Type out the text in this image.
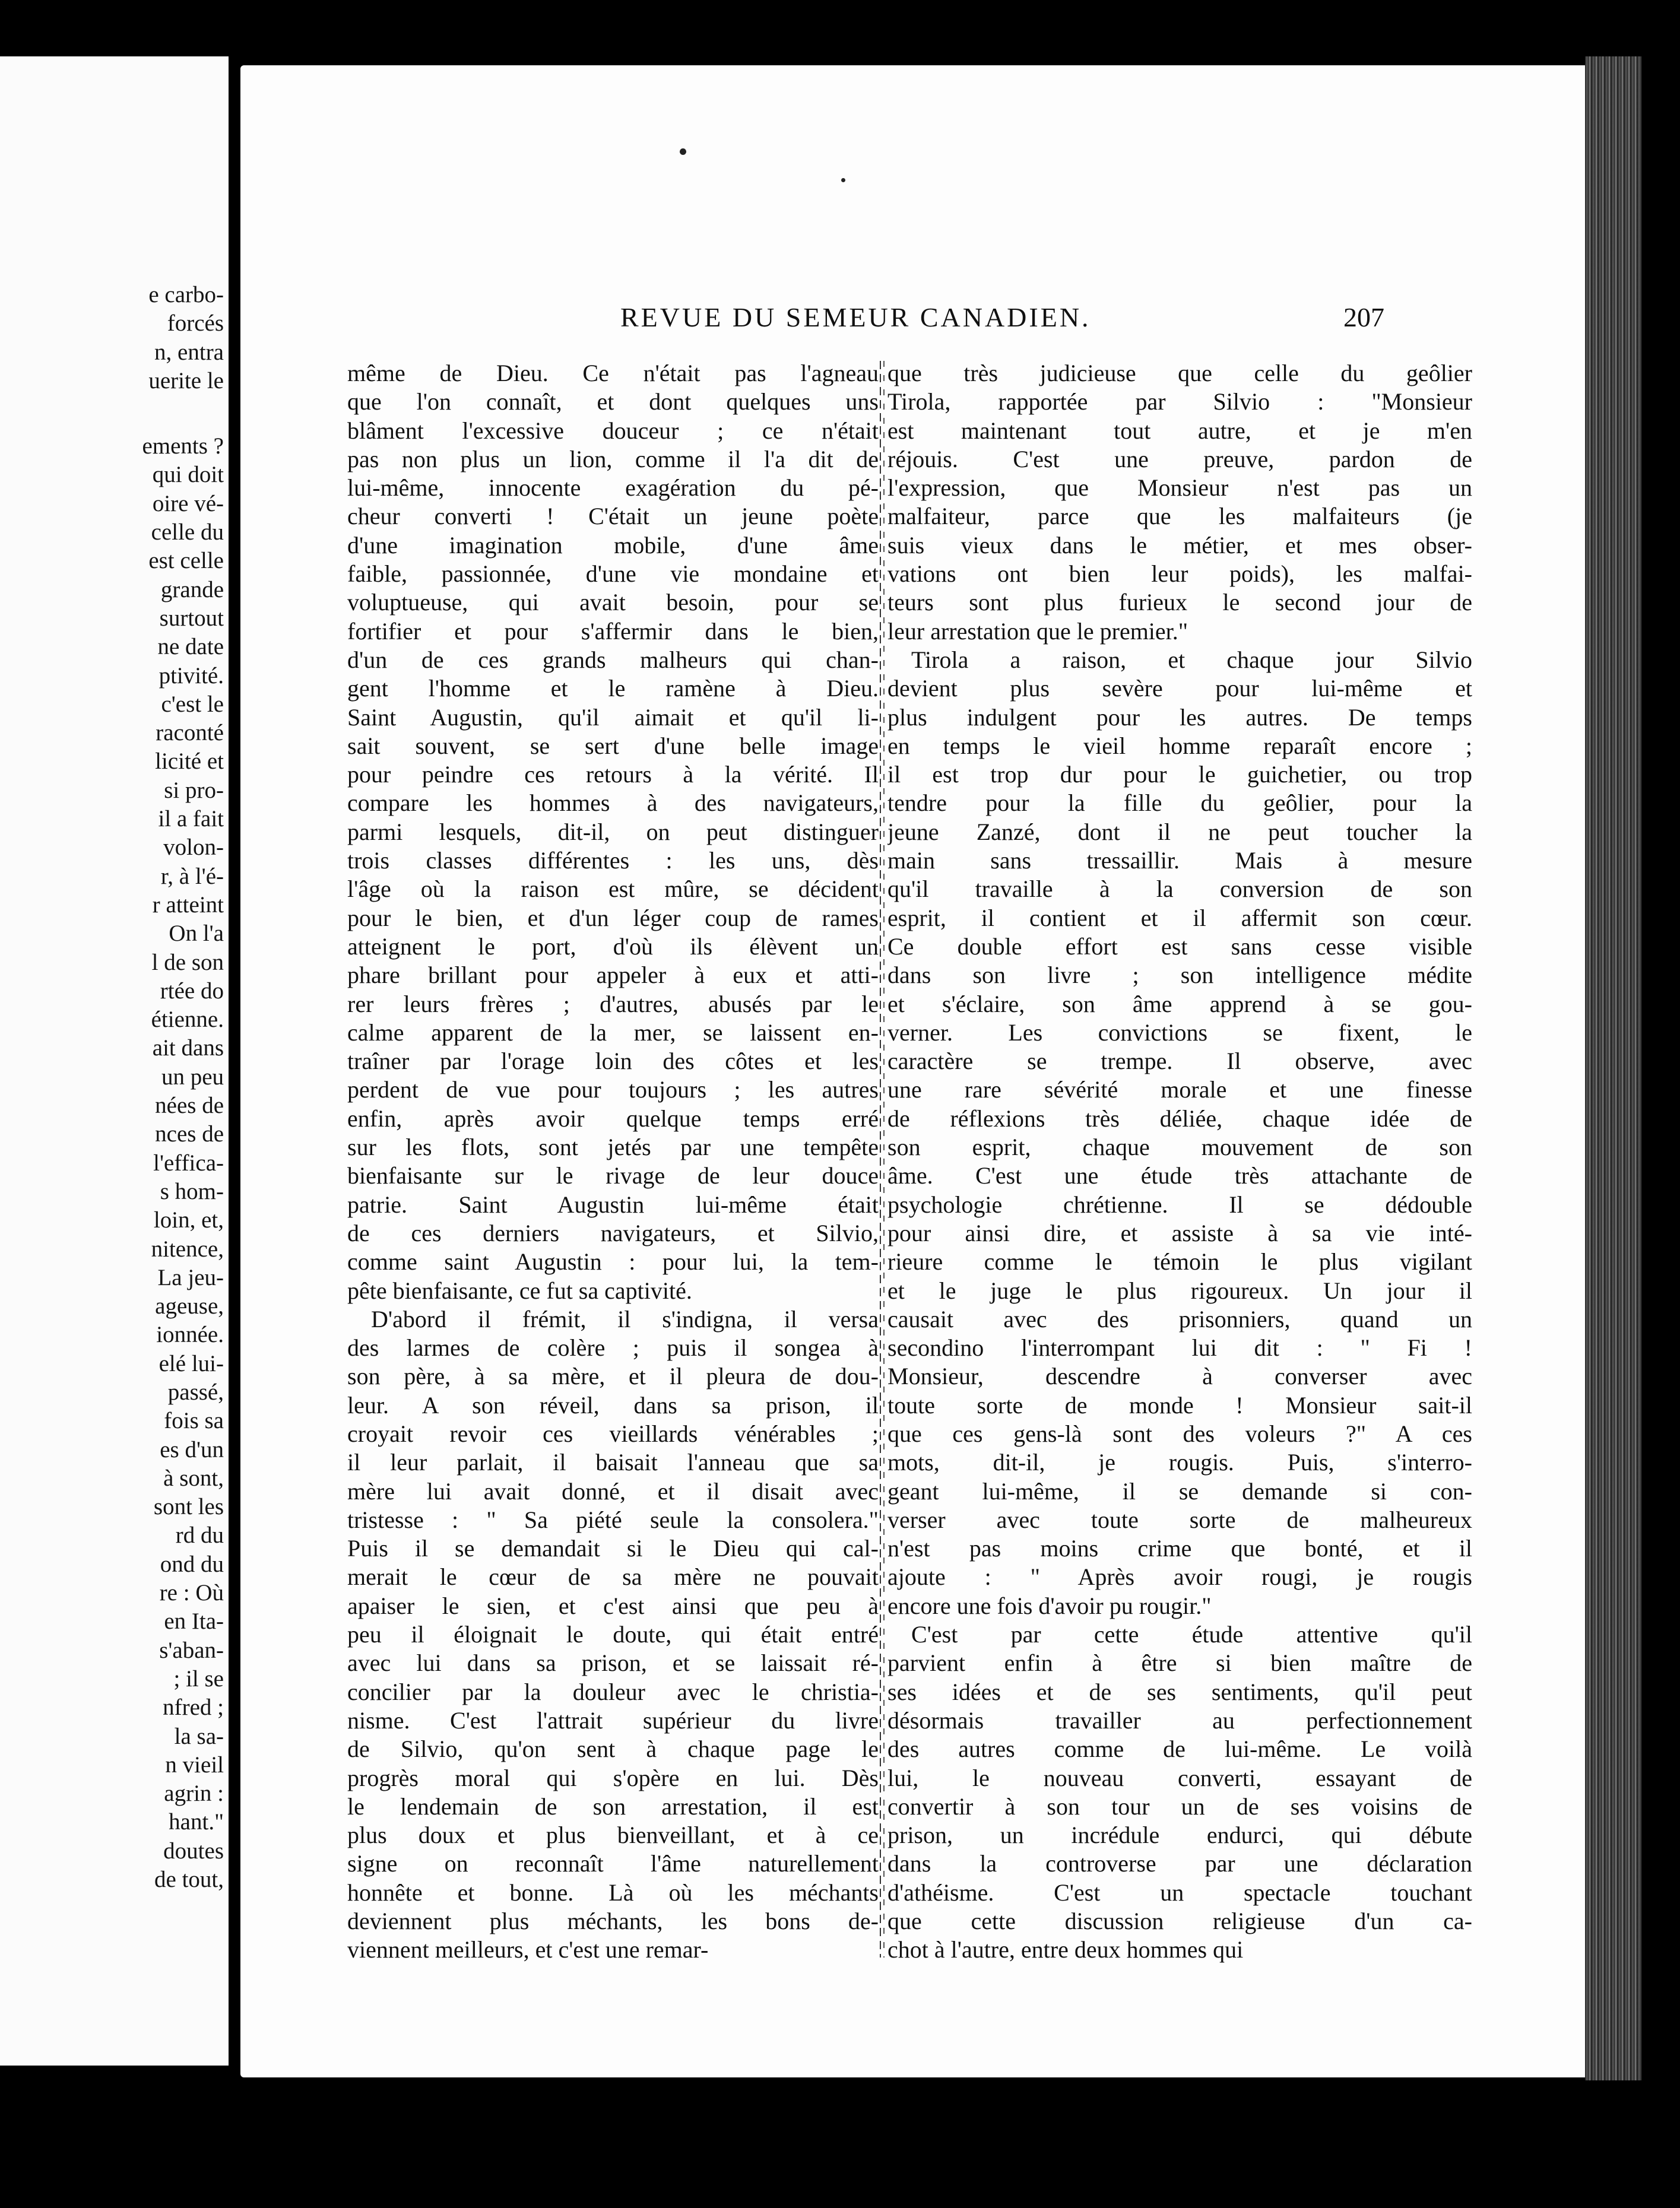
e carbo-
forcés
n, entra
uerite le
ements ?
qui doit
oire vé-
celle du
est celle
grande
surtout
ne date
ptivité.
c'est le
raconté
licité et
si pro-
il a fait
volon-
r, à l'é-
r atteint
On l'a
l de son
rtée do
étienne.
ait dans
un peu
nées de
nces de
l'effica-
s hom-
loin, et,
nitence,
La jeu-
ageuse,
ionnée.
elé lui-
passé,
fois sa
es d'un
à sont,
sont les
rd du
ond du
re : Où
en Ita-
s'aban-
; il se
nfred ;
la sa-
n vieil
agrin :
hant."
doutes
de tout,
REVUE DU SEMEUR CANADIEN.	207
même de Dieu. Ce n'était pas l'agneau
que l'on connaît, et dont quelques uns
blâment l'excessive douceur ; ce n'était
pas non plus un lion, comme il l'a dit de
lui-même, innocente exagération du pé-
cheur converti ! C'était un jeune poète
d'une imagination mobile, d'une âme
faible, passionnée, d'une vie mondaine et
voluptueuse, qui avait besoin, pour se
fortifier et pour s'affermir dans le bien,
d'un de ces grands malheurs qui chan-
gent l'homme et le ramène à Dieu.
Saint Augustin, qu'il aimait et qu'il li-
sait souvent, se sert d'une belle image
pour peindre ces retours à la vérité. Il
compare les hommes à des navigateurs,
parmi lesquels, dit-il, on peut distinguer
trois classes différentes : les uns, dès
l'âge où la raison est mûre, se décident
pour le bien, et d'un léger coup de rames
atteignent le port, d'où ils élèvent un
phare brillant pour appeler à eux et atti-
rer leurs frères ; d'autres, abusés par le
calme apparent de la mer, se laissent en-
traîner par l'orage loin des côtes et les
perdent de vue pour toujours ; les autres
enfin, après avoir quelque temps erré
sur les flots, sont jetés par une tempête
bienfaisante sur le rivage de leur douce
patrie. Saint Augustin lui-même était
de ces derniers navigateurs, et Silvio,
comme saint Augustin : pour lui, la tem-
pête bienfaisante, ce fut sa captivité.
D'abord il frémit, il s'indigna, il versa
des larmes de colère ; puis il songea à
son père, à sa mère, et il pleura de dou-
leur. A son réveil, dans sa prison, il
croyait revoir ces vieillards vénérables ;
il leur parlait, il baisait l'anneau que sa
mère lui avait donné, et il disait avec
tristesse : " Sa piété seule la consolera."
Puis il se demandait si le Dieu qui cal-
merait le cœur de sa mère ne pouvait
apaiser le sien, et c'est ainsi que peu à
peu il éloignait le doute, qui était entré
avec lui dans sa prison, et se laissait ré-
concilier par la douleur avec le christia-
nisme. C'est l'attrait supérieur du livre
de Silvio, qu'on sent à chaque page le
progrès moral qui s'opère en lui. Dès
le lendemain de son arrestation, il est
plus doux et plus bienveillant, et à ce
signe on reconnaît l'âme naturellement
honnête et bonne. Là où les méchants
deviennent plus méchants, les bons de-
viennent meilleurs, et c'est une remar-
que très judicieuse que celle du geôlier
Tirola, rapportée par Silvio : "Monsieur
est maintenant tout autre, et je m'en
réjouis. C'est une preuve, pardon de
l'expression, que Monsieur n'est pas un
malfaiteur, parce que les malfaiteurs (je
suis vieux dans le métier, et mes obser-
vations ont bien leur poids), les malfai-
teurs sont plus furieux le second jour de
leur arrestation que le premier."
Tirola a raison, et chaque jour Silvio
devient plus sevère pour lui-même et
plus indulgent pour les autres. De temps
en temps le vieil homme reparaît encore ;
il est trop dur pour le guichetier, ou trop
tendre pour la fille du geôlier, pour la
jeune Zanzé, dont il ne peut toucher la
main sans tressaillir. Mais à mesure
qu'il travaille à la conversion de son
esprit, il contient et il affermit son cœur.
Ce double effort est sans cesse visible
dans son livre ; son intelligence médite
et s'éclaire, son âme apprend à se gou-
verner. Les convictions se fixent, le
caractère se trempe. Il observe, avec
une rare sévérité morale et une finesse
de réflexions très déliée, chaque idée de
son esprit, chaque mouvement de son
âme. C'est une étude très attachante de
psychologie chrétienne. Il se dédouble
pour ainsi dire, et assiste à sa vie inté-
rieure comme le témoin le plus vigilant
et le juge le plus rigoureux. Un jour il
causait avec des prisonniers, quand un
secondino l'interrompant lui dit : " Fi !
Monsieur, descendre à converser avec
toute sorte de monde ! Monsieur sait-il
que ces gens-là sont des voleurs ?" A ces
mots, dit-il, je rougis. Puis, s'interro-
geant lui-même, il se demande si con-
verser avec toute sorte de malheureux
n'est pas moins crime que bonté, et il
ajoute : " Après avoir rougi, je rougis
encore une fois d'avoir pu rougir."
C'est par cette étude attentive qu'il
parvient enfin à être si bien maître de
ses idées et de ses sentiments, qu'il peut
désormais travailler au perfectionnement
des autres comme de lui-même. Le voilà
lui, le nouveau converti, essayant de
convertir à son tour un de ses voisins de
prison, un incrédule endurci, qui débute
dans la controverse par une déclaration
d'athéisme. C'est un spectacle touchant
que cette discussion religieuse d'un ca-
chot à l'autre, entre deux hommes qui
